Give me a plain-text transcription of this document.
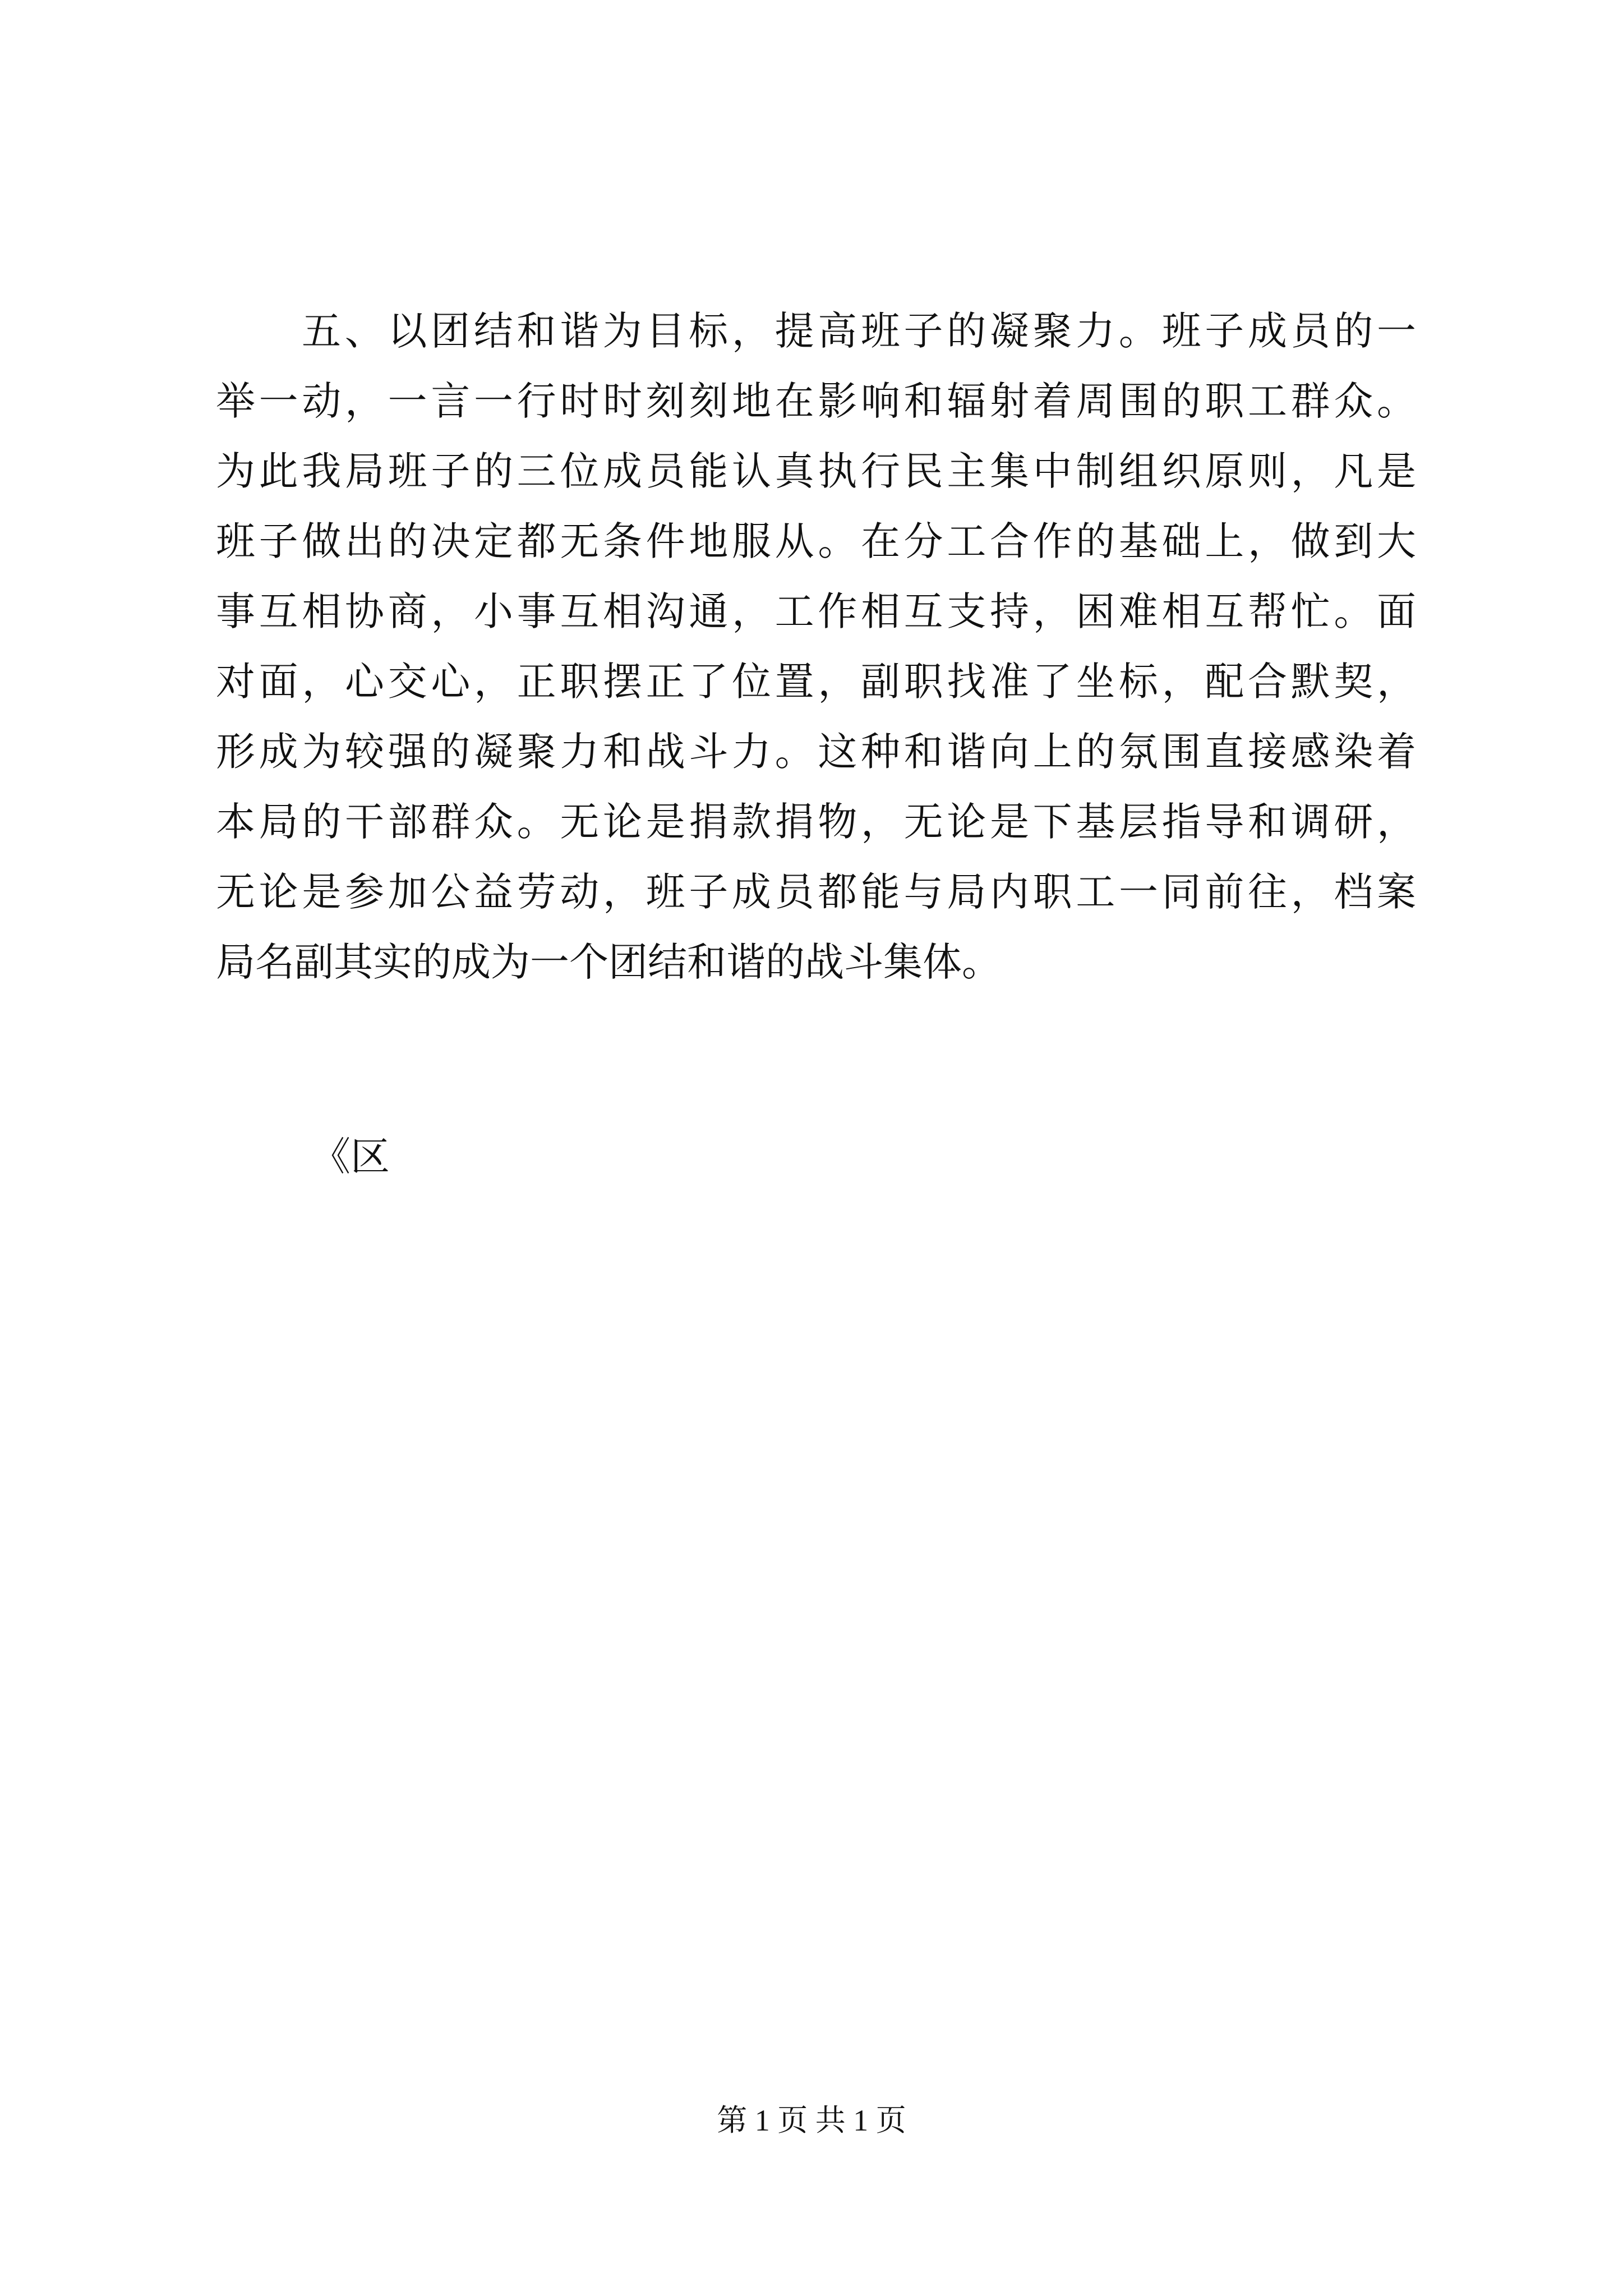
五、以团结和谐为目标，提高班子的凝聚力。班子成员的一
举一动，一言一行时时刻刻地在影响和辐射着周围的职工群众。
为此我局班子的三位成员能认真执行民主集中制组织原则，凡是
班子做出的决定都无条件地服从。在分工合作的基础上，做到大
事互相协商，小事互相沟通，工作相互支持，困难相互帮忙。面
对面，心交心，正职摆正了位置，副职找准了坐标，配合默契，
形成为较强的凝聚力和战斗力。这种和谐向上的氛围直接感染着
本局的干部群众。无论是捐款捐物，无论是下基层指导和调研，
无论是参加公益劳动，班子成员都能与局内职工一同前往，档案
局名副其实的成为一个团结和谐的战斗集体。
《区
第 1 页 共 1 页
